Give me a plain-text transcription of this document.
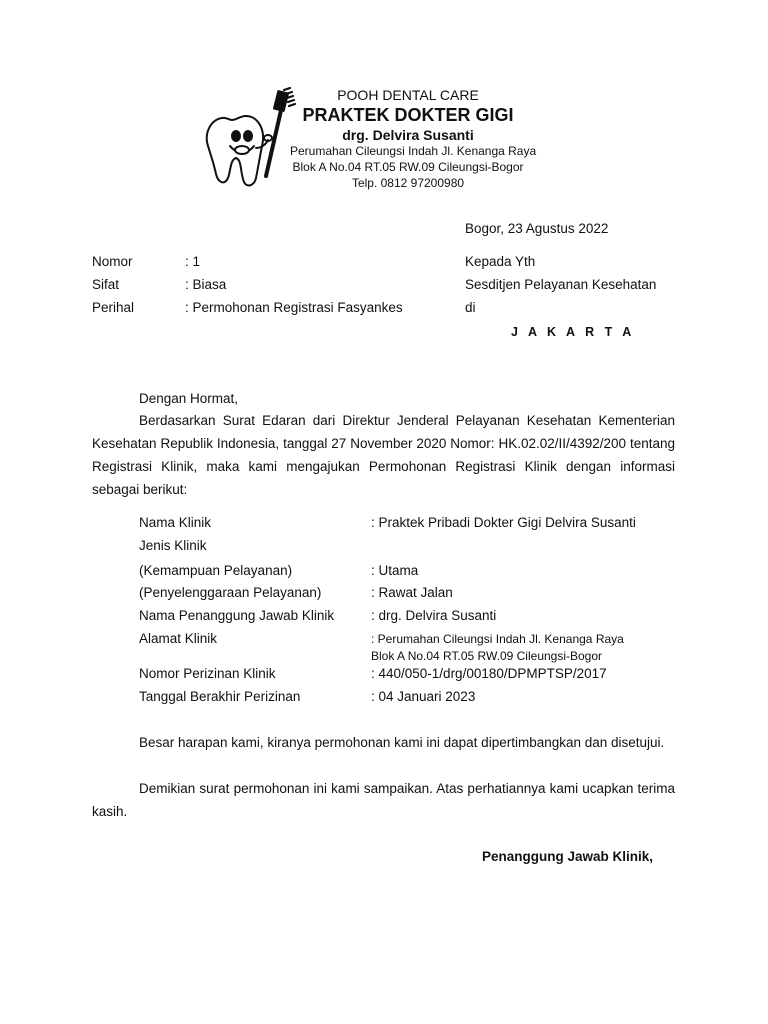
POOH DENTAL CARE
PRAKTEK DOKTER GIGI
drg. Delvira Susanti
Perumahan Cileungsi Indah Jl. Kenanga Raya
Blok A No.04 RT.05 RW.09 Cileungsi-Bogor
Telp. 0812 97200980
Bogor, 23 Agustus 2022
Nomor	: 1
Sifat	: Biasa
Perihal	: Permohonan Registrasi Fasyankes
Kepada Yth
Sesditjen Pelayanan Kesehatan
di
J A K A R T A
Dengan Hormat,
Berdasarkan Surat Edaran dari Direktur Jenderal Pelayanan Kesehatan Kementerian Kesehatan Republik Indonesia, tanggal 27 November 2020 Nomor: HK.02.02/II/4392/200 tentang Registrasi Klinik, maka kami mengajukan Permohonan Registrasi Klinik dengan informasi sebagai berikut:
Nama Klinik	: Praktek Pribadi Dokter Gigi Delvira Susanti
Jenis Klinik
(Kemampuan Pelayanan)	: Utama
(Penyelenggaraan Pelayanan)	: Rawat Jalan
Nama Penanggung Jawab Klinik	: drg. Delvira Susanti
Alamat Klinik	: Perumahan Cileungsi Indah Jl. Kenanga Raya
Blok A No.04 RT.05 RW.09 Cileungsi-Bogor
Nomor Perizinan Klinik	: 440/050-1/drg/00180/DPMPTSP/2017
Tanggal Berakhir Perizinan	: 04 Januari 2023
Besar harapan kami, kiranya permohonan kami ini dapat dipertimbangkan dan disetujui.
Demikian surat permohonan ini kami sampaikan. Atas perhatiannya kami ucapkan terima kasih.
Penanggung Jawab Klinik,
